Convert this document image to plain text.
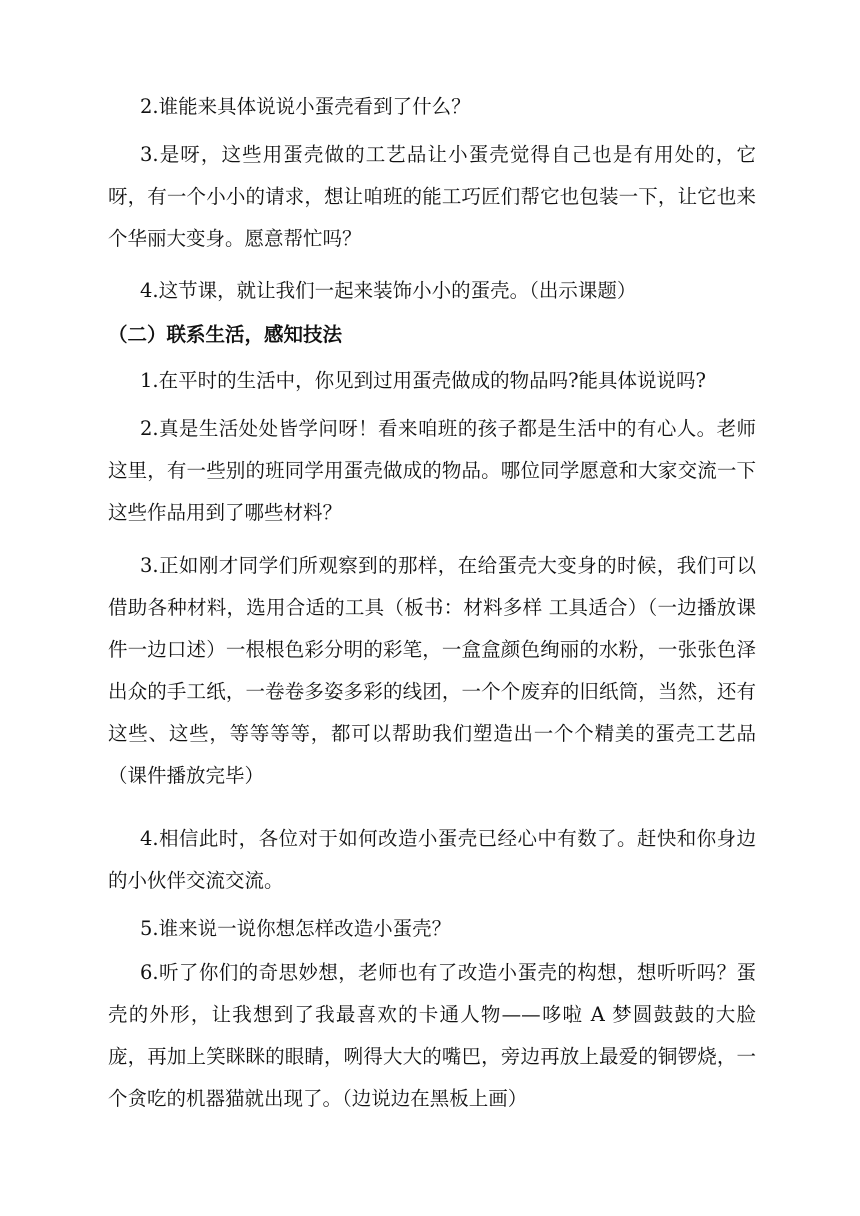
2.谁能来具体说说小蛋壳看到了什么？

3.是呀，这些用蛋壳做的工艺品让小蛋壳觉得自己也是有用处的，它呀，有一个小小的请求，想让咱班的能工巧匠们帮它也包装一下，让它也来个华丽大变身。愿意帮忙吗？

4.这节课，就让我们一起来装饰小小的蛋壳。（出示课题）

（二）联系生活，感知技法

1.在平时的生活中，你见到过用蛋壳做成的物品吗?能具体说说吗?

2.真是生活处处皆学问呀！看来咱班的孩子都是生活中的有心人。老师这里，有一些别的班同学用蛋壳做成的物品。哪位同学愿意和大家交流一下这些作品用到了哪些材料？

3.正如刚才同学们所观察到的那样，在给蛋壳大变身的时候，我们可以借助各种材料，选用合适的工具（板书：材料多样 工具适合）（一边播放课件一边口述）一根根色彩分明的彩笔，一盒盒颜色绚丽的水粉，一张张色泽出众的手工纸，一卷卷多姿多彩的线团，一个个废弃的旧纸筒，当然，还有这些、这些，等等等等，都可以帮助我们塑造出一个个精美的蛋壳工艺品（课件播放完毕）

4.相信此时，各位对于如何改造小蛋壳已经心中有数了。赶快和你身边的小伙伴交流交流。

5.谁来说一说你想怎样改造小蛋壳？

6.听了你们的奇思妙想，老师也有了改造小蛋壳的构想，想听听吗？蛋壳的外形，让我想到了我最喜欢的卡通人物——哆啦 A 梦圆鼓鼓的大脸庞，再加上笑眯眯的眼睛，咧得大大的嘴巴，旁边再放上最爱的铜锣烧，一个贪吃的机器猫就出现了。（边说边在黑板上画）
